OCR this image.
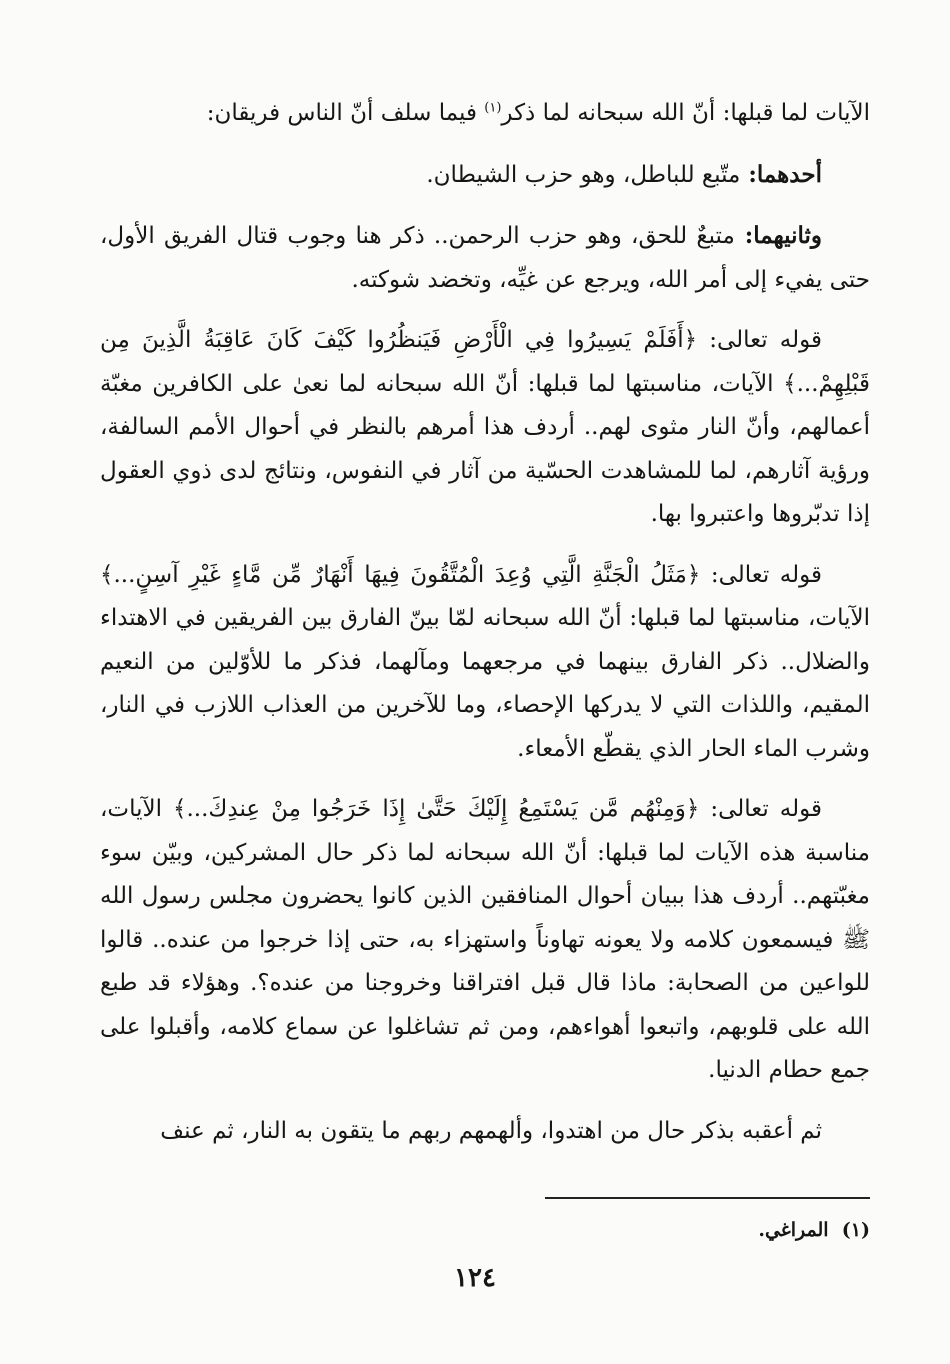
الآيات لما قبلها: أنّ الله سبحانه لما ذكر$^{(١)}$ فيما سلف أنّ الناس فريقان:

أحدهما: متّبع للباطل، وهو حزب الشيطان.

وثانيهما: متبعٌ للحق، وهو حزب الرحمن.. ذكر هنا وجوب قتال الفريق الأول، حتى يفيء إلى أمر الله، ويرجع عن غيِّه، وتخضد شوكته.

قوله تعالى: ﴿أَفَلَمْ يَسِيرُوا فِي الْأَرْضِ فَيَنظُرُوا كَيْفَ كَانَ عَاقِبَةُ الَّذِينَ مِن قَبْلِهِمْ...﴾ الآيات، مناسبتها لما قبلها: أنّ الله سبحانه لما نعىٰ على الكافرين مغبّة أعمالهم، وأنّ النار مثوى لهم.. أردف هذا أمرهم بالنظر في أحوال الأمم السالفة، ورؤية آثارهم، لما للمشاهدت الحسّية من آثار في النفوس، ونتائج لدى ذوي العقول إذا تدبّروها واعتبروا بها.

قوله تعالى: ﴿مَثَلُ الْجَنَّةِ الَّتِي وُعِدَ الْمُتَّقُونَ فِيهَا أَنْهَارٌ مِّن مَّاءٍ غَيْرِ آسِنٍ...﴾ الآيات، مناسبتها لما قبلها: أنّ الله سبحانه لمّا بينّ الفارق بين الفريقين في الاهتداء والضلال.. ذكر الفارق بينهما في مرجعهما ومآلهما، فذكر ما للأوّلين من النعيم المقيم، واللذات التي لا يدركها الإحصاء، وما للآخرين من العذاب اللازب في النار، وشرب الماء الحار الذي يقطّع الأمعاء.

قوله تعالى: ﴿وَمِنْهُم مَّن يَسْتَمِعُ إِلَيْكَ حَتَّىٰ إِذَا خَرَجُوا مِنْ عِندِكَ...﴾ الآيات، مناسبة هذه الآيات لما قبلها: أنّ الله سبحانه لما ذكر حال المشركين، وبيّن سوء مغبّتهم.. أردف هذا ببيان أحوال المنافقين الذين كانوا يحضرون مجلس رسول الله ﷺ فيسمعون كلامه ولا يعونه تهاوناً واستهزاء به، حتى إذا خرجوا من عنده.. قالوا للواعين من الصحابة: ماذا قال قبل افتراقنا وخروجنا من عنده؟. وهؤلاء قد طبع الله على قلوبهم، واتبعوا أهواءهم، ومن ثم تشاغلوا عن سماع كلامه، وأقبلوا على جمع حطام الدنيا.

ثم أعقبه بذكر حال من اهتدوا، وألهمهم ربهم ما يتقون به النار، ثم عنف

(١)  المراغي.
١٢٤
